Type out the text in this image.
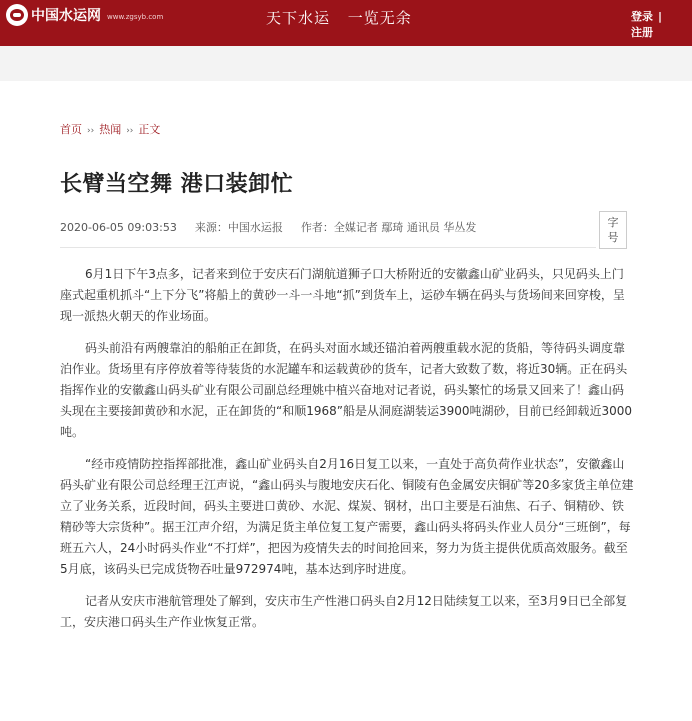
中国水运网 www.zgsyb.com	天下水运 一览无余	登录 |
注册
首页 ›› 热闻 ›› 正文
长臂当空舞 港口装卸忙
2020-06-05 09:03:53 来源：中国水运报 作者：全媒记者 鄢琦 通讯员 华丛发	字
号

6月1日下午3点多，记者来到位于安庆石门湖航道狮子口大桥附近的安徽鑫山矿业码头，只见码头上门座式起重机抓斗“上下分飞”将船上的黄砂一斗一斗地“抓”到货车上，运砂车辆在码头与货场间来回穿梭，呈现一派热火朝天的作业场面。

码头前沿有两艘靠泊的船舶正在卸货，在码头对面水域还锚泊着两艘重载水泥的货船，等待码头调度靠泊作业。货场里有序停放着等待装货的水泥罐车和运载黄砂的货车，记者大致数了数，将近30辆。正在码头指挥作业的安徽鑫山码头矿业有限公司副总经理姚中植兴奋地对记者说，码头繁忙的场景又回来了！鑫山码头现在主要接卸黄砂和水泥，正在卸货的“和顺1968”船是从洞庭湖装运3900吨湖砂，目前已经卸载近3000吨。

“经市疫情防控指挥部批准，鑫山矿业码头自2月16日复工以来，一直处于高负荷作业状态”，安徽鑫山码头矿业有限公司总经理王江声说，“鑫山码头与腹地安庆石化、铜陵有色金属安庆铜矿等20多家货主单位建立了业务关系，近段时间，码头主要进口黄砂、水泥、煤炭、钢材，出口主要是石油焦、石子、铜精砂、铁精砂等大宗货种”。据王江声介绍，为满足货主单位复工复产需要，鑫山码头将码头作业人员分“三班倒”，每班五六人，24小时码头作业“不打烊”，把因为疫情失去的时间抢回来，努力为货主提供优质高效服务。截至5月底，该码头已完成货物吞吐量972974吨，基本达到序时进度。

记者从安庆市港航管理处了解到，安庆市生产性港口码头自2月12日陆续复工以来，至3月9日已全部复工，安庆港口码头生产作业恢复正常。
